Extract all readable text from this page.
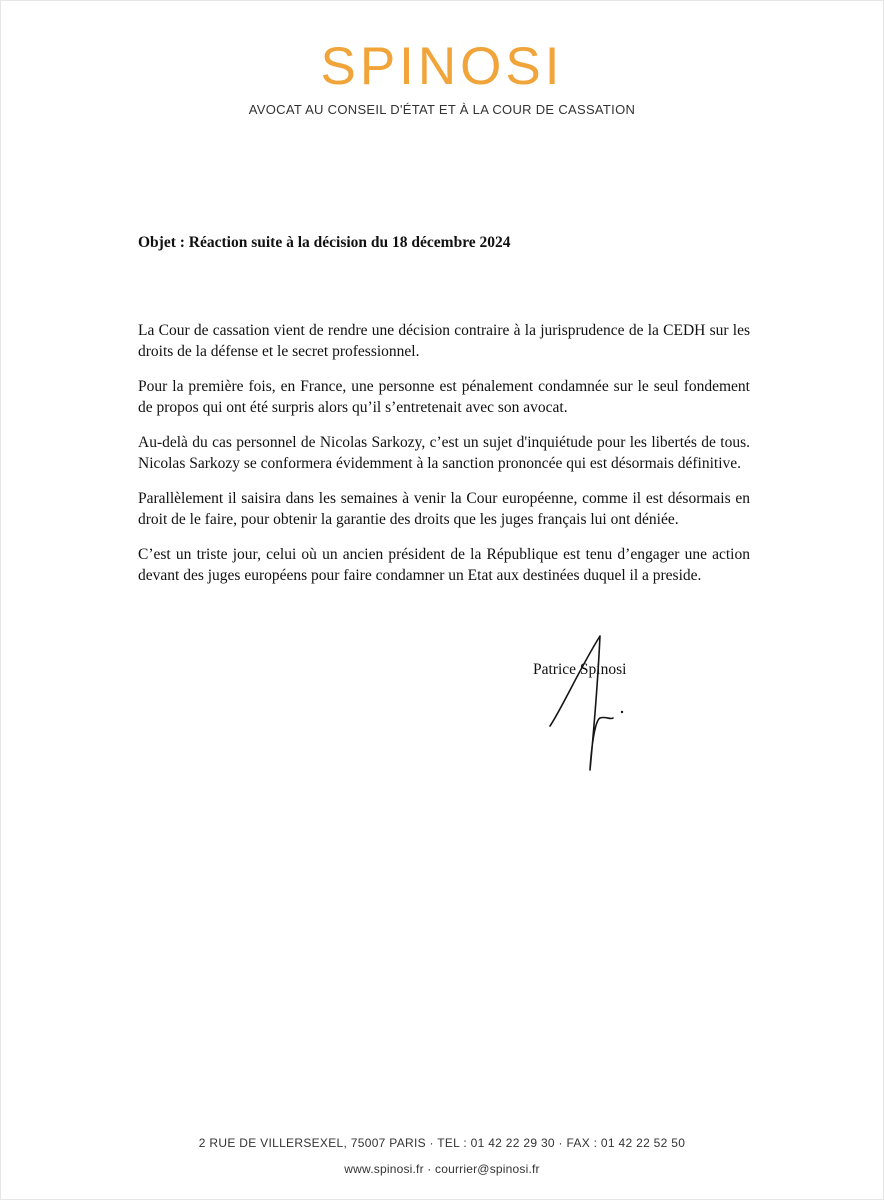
SPINOSI
AVOCAT AU CONSEIL D'ÉTAT ET À LA COUR DE CASSATION
Objet : Réaction suite à la décision du 18 décembre 2024

La Cour de cassation vient de rendre une décision contraire à la jurisprudence de la CEDH sur les droits de la défense et le secret professionnel.

Pour la première fois, en France, une personne est pénalement condamnée sur le seul fondement de propos qui ont été surpris alors qu’il s’entretenait avec son avocat.

Au-delà du cas personnel de Nicolas Sarkozy, c’est un sujet d'inquiétude pour les libertés de tous. Nicolas Sarkozy se conformera évidemment à la sanction prononcée qui est désormais définitive.

Parallèlement il saisira dans les semaines à venir la Cour européenne, comme il est désormais en droit de le faire, pour obtenir la garantie des droits que les juges français lui ont déniée.

C’est un triste jour, celui où un ancien président de la République est tenu d’engager une action devant des juges européens pour faire condamner un Etat aux destinées duquel il a preside.

Patrice Spinosi
2 RUE DE VILLERSEXEL, 75007 PARIS · TEL : 01 42 22 29 30 · FAX : 01 42 22 52 50
www.spinosi.fr · courrier@spinosi.fr
